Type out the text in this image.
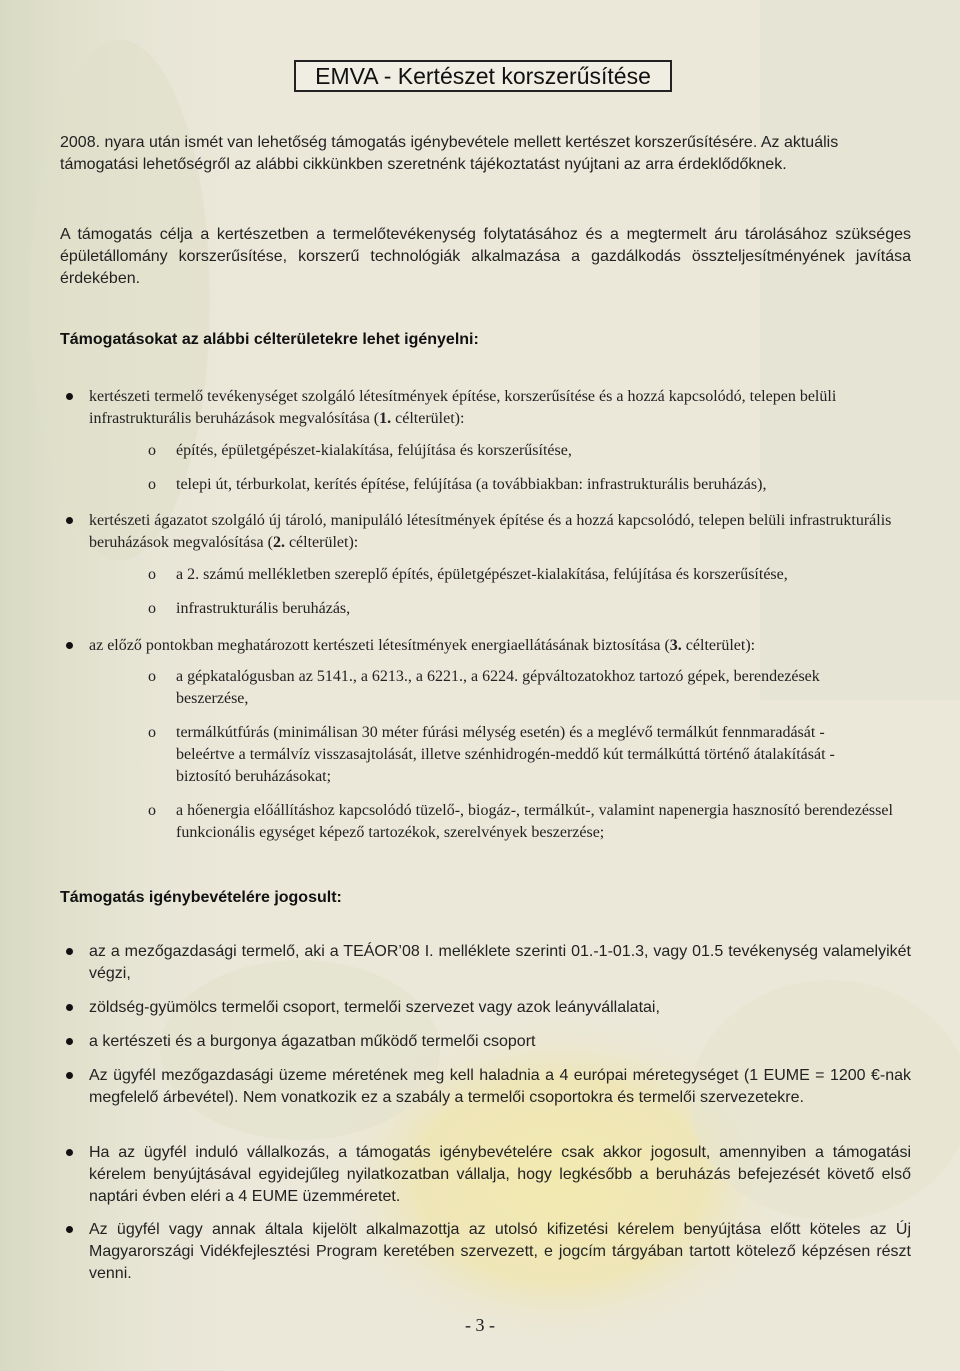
EMVA - Kertészet korszerűsítése

2008. nyara után ismét van lehetőség támogatás igénybevétele mellett kertészet korszerűsítésére. Az aktuális támogatási lehetőségről az alábbi cikkünkben szeretnénk tájékoztatást nyújtani az arra érdeklődőknek.

A támogatás célja a kertészetben a termelőtevékenység folytatásához és a megtermelt áru tárolásához szükséges épületállomány korszerűsítése, korszerű technológiák alkalmazása a gazdálkodás összteljesítményének javítása érdekében.

Támogatásokat az alábbi célterületekre lehet igényelni:

kertészeti termelő tevékenységet szolgáló létesítmények építése, korszerűsítése és a hozzá kapcsolódó, telepen belüli infrastrukturális beruházások megvalósítása (1. célterület):

o építés, épületgépészet-kialakítása, felújítása és korszerűsítése,

o telepi út, térburkolat, kerítés építése, felújítása (a továbbiakban: infrastrukturális beruházás),

kertészeti ágazatot szolgáló új tároló, manipuláló létesítmények építése és a hozzá kapcsolódó, telepen belüli infrastrukturális beruházások megvalósítása (2. célterület):

o a 2. számú mellékletben szereplő építés, épületgépészet-kialakítása, felújítása és korszerűsítése,

o infrastrukturális beruházás,

az előző pontokban meghatározott kertészeti létesítmények energiaellátásának biztosítása (3. célterület):

o a gépkatalógusban az 5141., a 6213., a 6221., a 6224. gépváltozatokhoz tartozó gépek, berendezések beszerzése,

o termálkútfúrás (minimálisan 30 méter fúrási mélység esetén) és a meglévő termálkút fennmaradását - beleértve a termálvíz visszasajtolását, illetve szénhidrogén-meddő kút termálkúttá történő átalakítását - biztosító beruházásokat;

o a hőenergia előállításhoz kapcsolódó tüzelő-, biogáz-, termálkút-, valamint napenergia hasznosító berendezéssel funkcionális egységet képező tartozékok, szerelvények beszerzése;

Támogatás igénybevételére jogosult:

az a mezőgazdasági termelő, aki a TEÁOR’08 I. melléklete szerinti 01.-1-01.3, vagy 01.5 tevékenység valamelyikét végzi,

zöldség-gyümölcs termelői csoport, termelői szervezet vagy azok leányvállalatai,

a kertészeti és a burgonya ágazatban működő termelői csoport

Az ügyfél mezőgazdasági üzeme méretének meg kell haladnia a 4 európai méretegységet (1 EUME = 1200 €-nak megfelelő árbevétel). Nem vonatkozik ez a szabály a termelői csoportokra és termelői szervezetekre.

Ha az ügyfél induló vállalkozás, a támogatás igénybevételére csak akkor jogosult, amennyiben a támogatási kérelem benyújtásával egyidejűleg nyilatkozatban vállalja, hogy legkésőbb a beruházás befejezését követő első naptári évben eléri a 4 EUME üzemméretet.

Az ügyfél vagy annak általa kijelölt alkalmazottja az utolsó kifizetési kérelem benyújtása előtt köteles az Új Magyarországi Vidékfejlesztési Program keretében szervezett, e jogcím tárgyában tartott kötelező képzésen részt venni.

- 3 -
